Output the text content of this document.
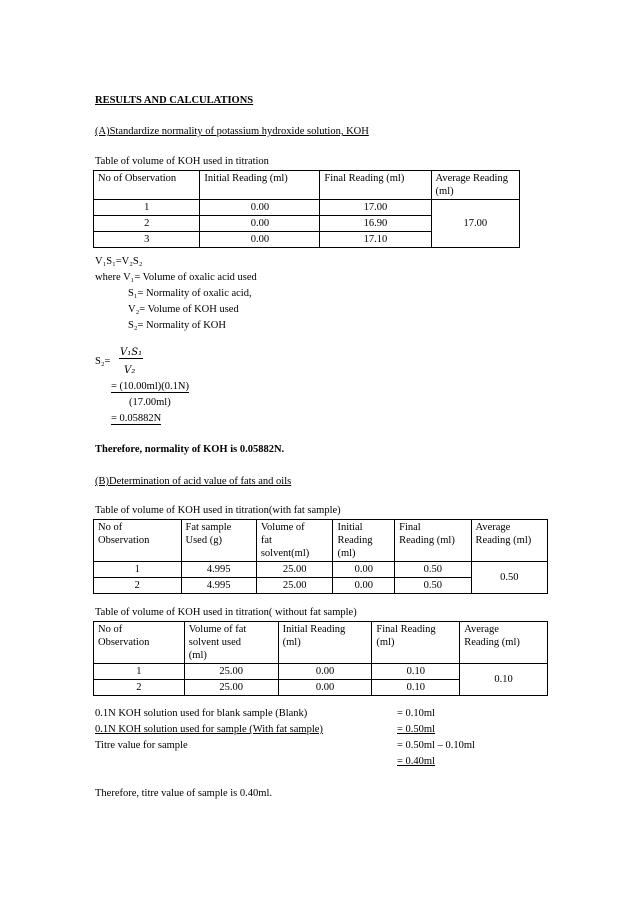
RESULTS AND CALCULATIONS
(A)Standardize normality of potassium hydroxide solution, KOH
Table of volume of KOH used in titration
No of Observation	Initial Reading (ml)	Final Reading (ml)	Average Reading
(ml)
1	0.00	17.00	17.00
2	0.00	16.90	
3	0.00	17.10	
V₁S₁=V₂S₂
where V₁= Volume of oxalic acid used
S₁= Normality of oxalic acid,
V₂= Volume of KOH used
S₂= Normality of KOH
S₂=
V₁S₁
V₂
= (10.00ml)(0.1N)
(17.00ml)
= 0.05882N
Therefore, normality of KOH is 0.05882N.
(B)Determination of acid value of fats and oils
Table of volume of KOH used in titration(with fat sample)
No of
Observation	Fat sample
Used (g)	Volume of
fat
solvent(ml)	Initial
Reading
(ml)	Final
Reading (ml)	Average
Reading (ml)
1	4.995	25.00	0.00	0.50	0.50
2	4.995	25.00	0.00	0.50	
Table of volume of KOH used in titration( without fat sample)
No of
Observation	Volume of fat
solvent used
(ml)	Initial Reading
(ml)	Final Reading
(ml)	Average
Reading (ml)
1	25.00	0.00	0.10	0.10
2	25.00	0.00	0.10	
0.1N KOH solution used for blank sample (Blank)	= 0.10ml
0.1N KOH solution used for sample (With fat sample)	= 0.50ml
Titre value for sample	= 0.50ml – 0.10ml
= 0.40ml
Therefore, titre value of sample is 0.40ml.
